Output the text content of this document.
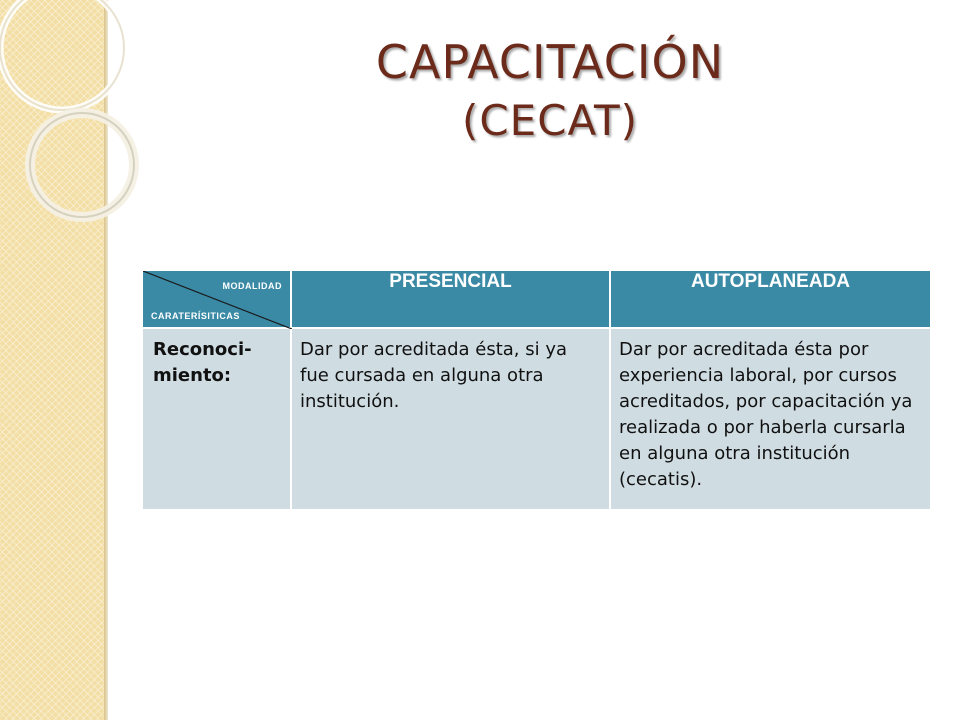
CAPACITACIÓN
(CECAT)
MODALIDAD
CARATERÍSITICAS	PRESENCIAL	AUTOPLANEADA
Reconoci-miento:	Dar por acreditada ésta, si ya fue cursada en alguna otra institución.	Dar por acreditada ésta por experiencia laboral, por cursos acreditados, por capacitación ya realizada o por haberla cursarla en alguna otra institución (cecatis).
